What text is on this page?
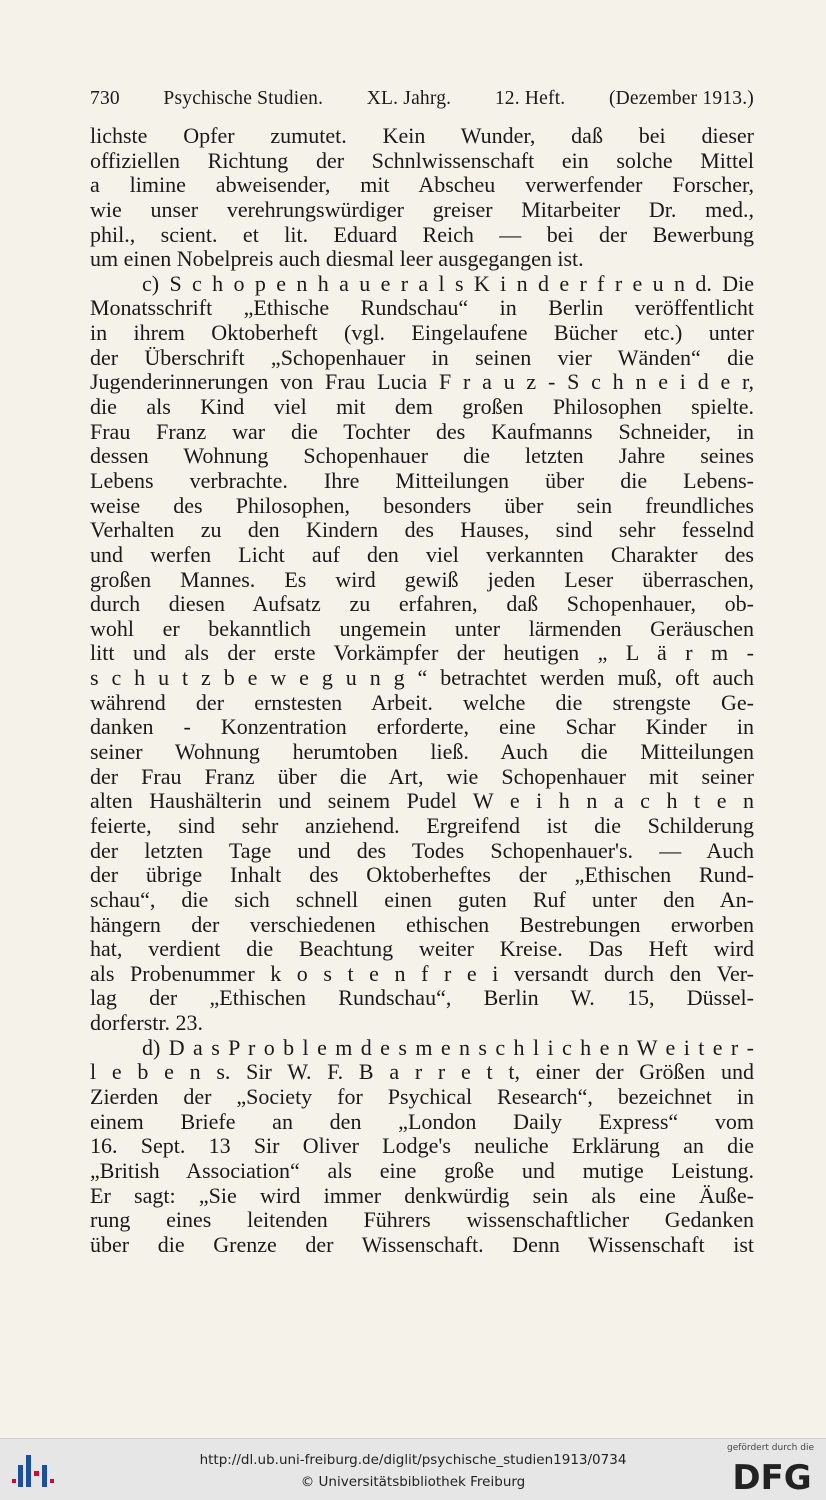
730 Psychische Studien. XL. Jahrg. 12. Heft. (Dezember 1913.)
lichste Opfer zumutet. Kein Wunder, daß bei dieser
offiziellen Richtung der Schnlwissenschaft ein solche Mittel
a limine abweisender, mit Abscheu verwerfender Forscher,
wie unser verehrungswürdiger greiser Mitarbeiter Dr. med.,
phil., scient. et lit. Eduard Reich — bei der Bewerbung
um einen Nobelpreis auch diesmal leer ausgegangen ist.
c) S c h o p e n h a u e r a l s K i n d e r f r e u n d. Die
Monatsschrift „Ethische Rundschau“ in Berlin veröffentlicht
in ihrem Oktoberheft (vgl. Eingelaufene Bücher etc.) unter
der Überschrift „Schopenhauer in seinen vier Wänden“ die
Jugenderinnerungen von Frau Lucia F r a u z - S c h n e i d e r,
die als Kind viel mit dem großen Philosophen spielte.
Frau Franz war die Tochter des Kaufmanns Schneider, in
dessen Wohnung Schopenhauer die letzten Jahre seines
Lebens verbrachte. Ihre Mitteilungen über die Lebens-
weise des Philosophen, besonders über sein freundliches
Verhalten zu den Kindern des Hauses, sind sehr fesselnd
und werfen Licht auf den viel verkannten Charakter des
großen Mannes. Es wird gewiß jeden Leser überraschen,
durch diesen Aufsatz zu erfahren, daß Schopenhauer, ob-
wohl er bekanntlich ungemein unter lärmenden Geräuschen
litt und als der erste Vorkämpfer der heutigen „ L ä r m -
s c h u t z b e w e g u n g “ betrachtet werden muß, oft auch
während der ernstesten Arbeit. welche die strengste Ge-
danken - Konzentration erforderte, eine Schar Kinder in
seiner Wohnung herumtoben ließ. Auch die Mitteilungen
der Frau Franz über die Art, wie Schopenhauer mit seiner
alten Haushälterin und seinem Pudel W e i h n a c h t e n
feierte, sind sehr anziehend. Ergreifend ist die Schilderung
der letzten Tage und des Todes Schopenhauer's. — Auch
der übrige Inhalt des Oktoberheftes der „Ethischen Rund-
schau“, die sich schnell einen guten Ruf unter den An-
hängern der verschiedenen ethischen Bestrebungen erworben
hat, verdient die Beachtung weiter Kreise. Das Heft wird
als Probenummer k o s t e n f r e i versandt durch den Ver-
lag der „Ethischen Rundschau“, Berlin W. 15, Düssel-
dorferstr. 23.
d) D a s P r o b l e m d e s m e n s c h l i c h e n W e i t e r -
l e b e n s. Sir W. F. B a r r e t t, einer der Größen und
Zierden der „Society for Psychical Research“, bezeichnet in
einem Briefe an den „London Daily Express“ vom
16. Sept. 13 Sir Oliver Lodge's neuliche Erklärung an die
„British Association“ als eine große und mutige Leistung.
Er sagt: „Sie wird immer denkwürdig sein als eine Äuße-
rung eines leitenden Führers wissenschaftlicher Gedanken
über die Grenze der Wissenschaft. Denn Wissenschaft ist
http://dl.ub.uni-freiburg.de/diglit/psychische_studien1913/0734
© Universitätsbibliothek Freiburg
gefördert durch die
DFG
